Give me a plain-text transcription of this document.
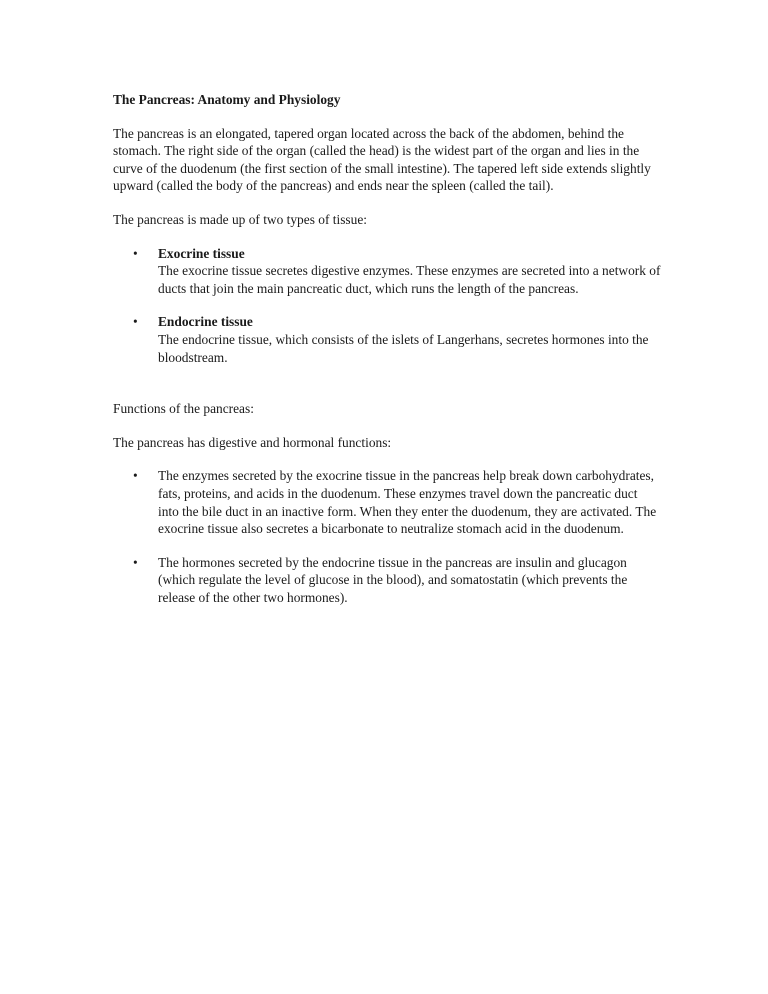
The Pancreas: Anatomy and Physiology

The pancreas is an elongated, tapered organ located across the back of the abdomen, behind the stomach. The right side of the organ (called the head) is the widest part of the organ and lies in the curve of the duodenum (the first section of the small intestine). The tapered left side extends slightly upward (called the body of the pancreas) and ends near the spleen (called the tail).

The pancreas is made up of two types of tissue:

•	Exocrine tissue
The exocrine tissue secretes digestive enzymes. These enzymes are secreted into a network of ducts that join the main pancreatic duct, which runs the length of the pancreas.
•	Endocrine tissue
The endocrine tissue, which consists of the islets of Langerhans, secretes hormones into the bloodstream.

Functions of the pancreas:

The pancreas has digestive and hormonal functions:

•	The enzymes secreted by the exocrine tissue in the pancreas help break down carbohydrates, fats, proteins, and acids in the duodenum. These enzymes travel down the pancreatic duct into the bile duct in an inactive form. When they enter the duodenum, they are activated. The exocrine tissue also secretes a bicarbonate to neutralize stomach acid in the duodenum.
•	The hormones secreted by the endocrine tissue in the pancreas are insulin and glucagon (which regulate the level of glucose in the blood), and somatostatin (which prevents the release of the other two hormones).
